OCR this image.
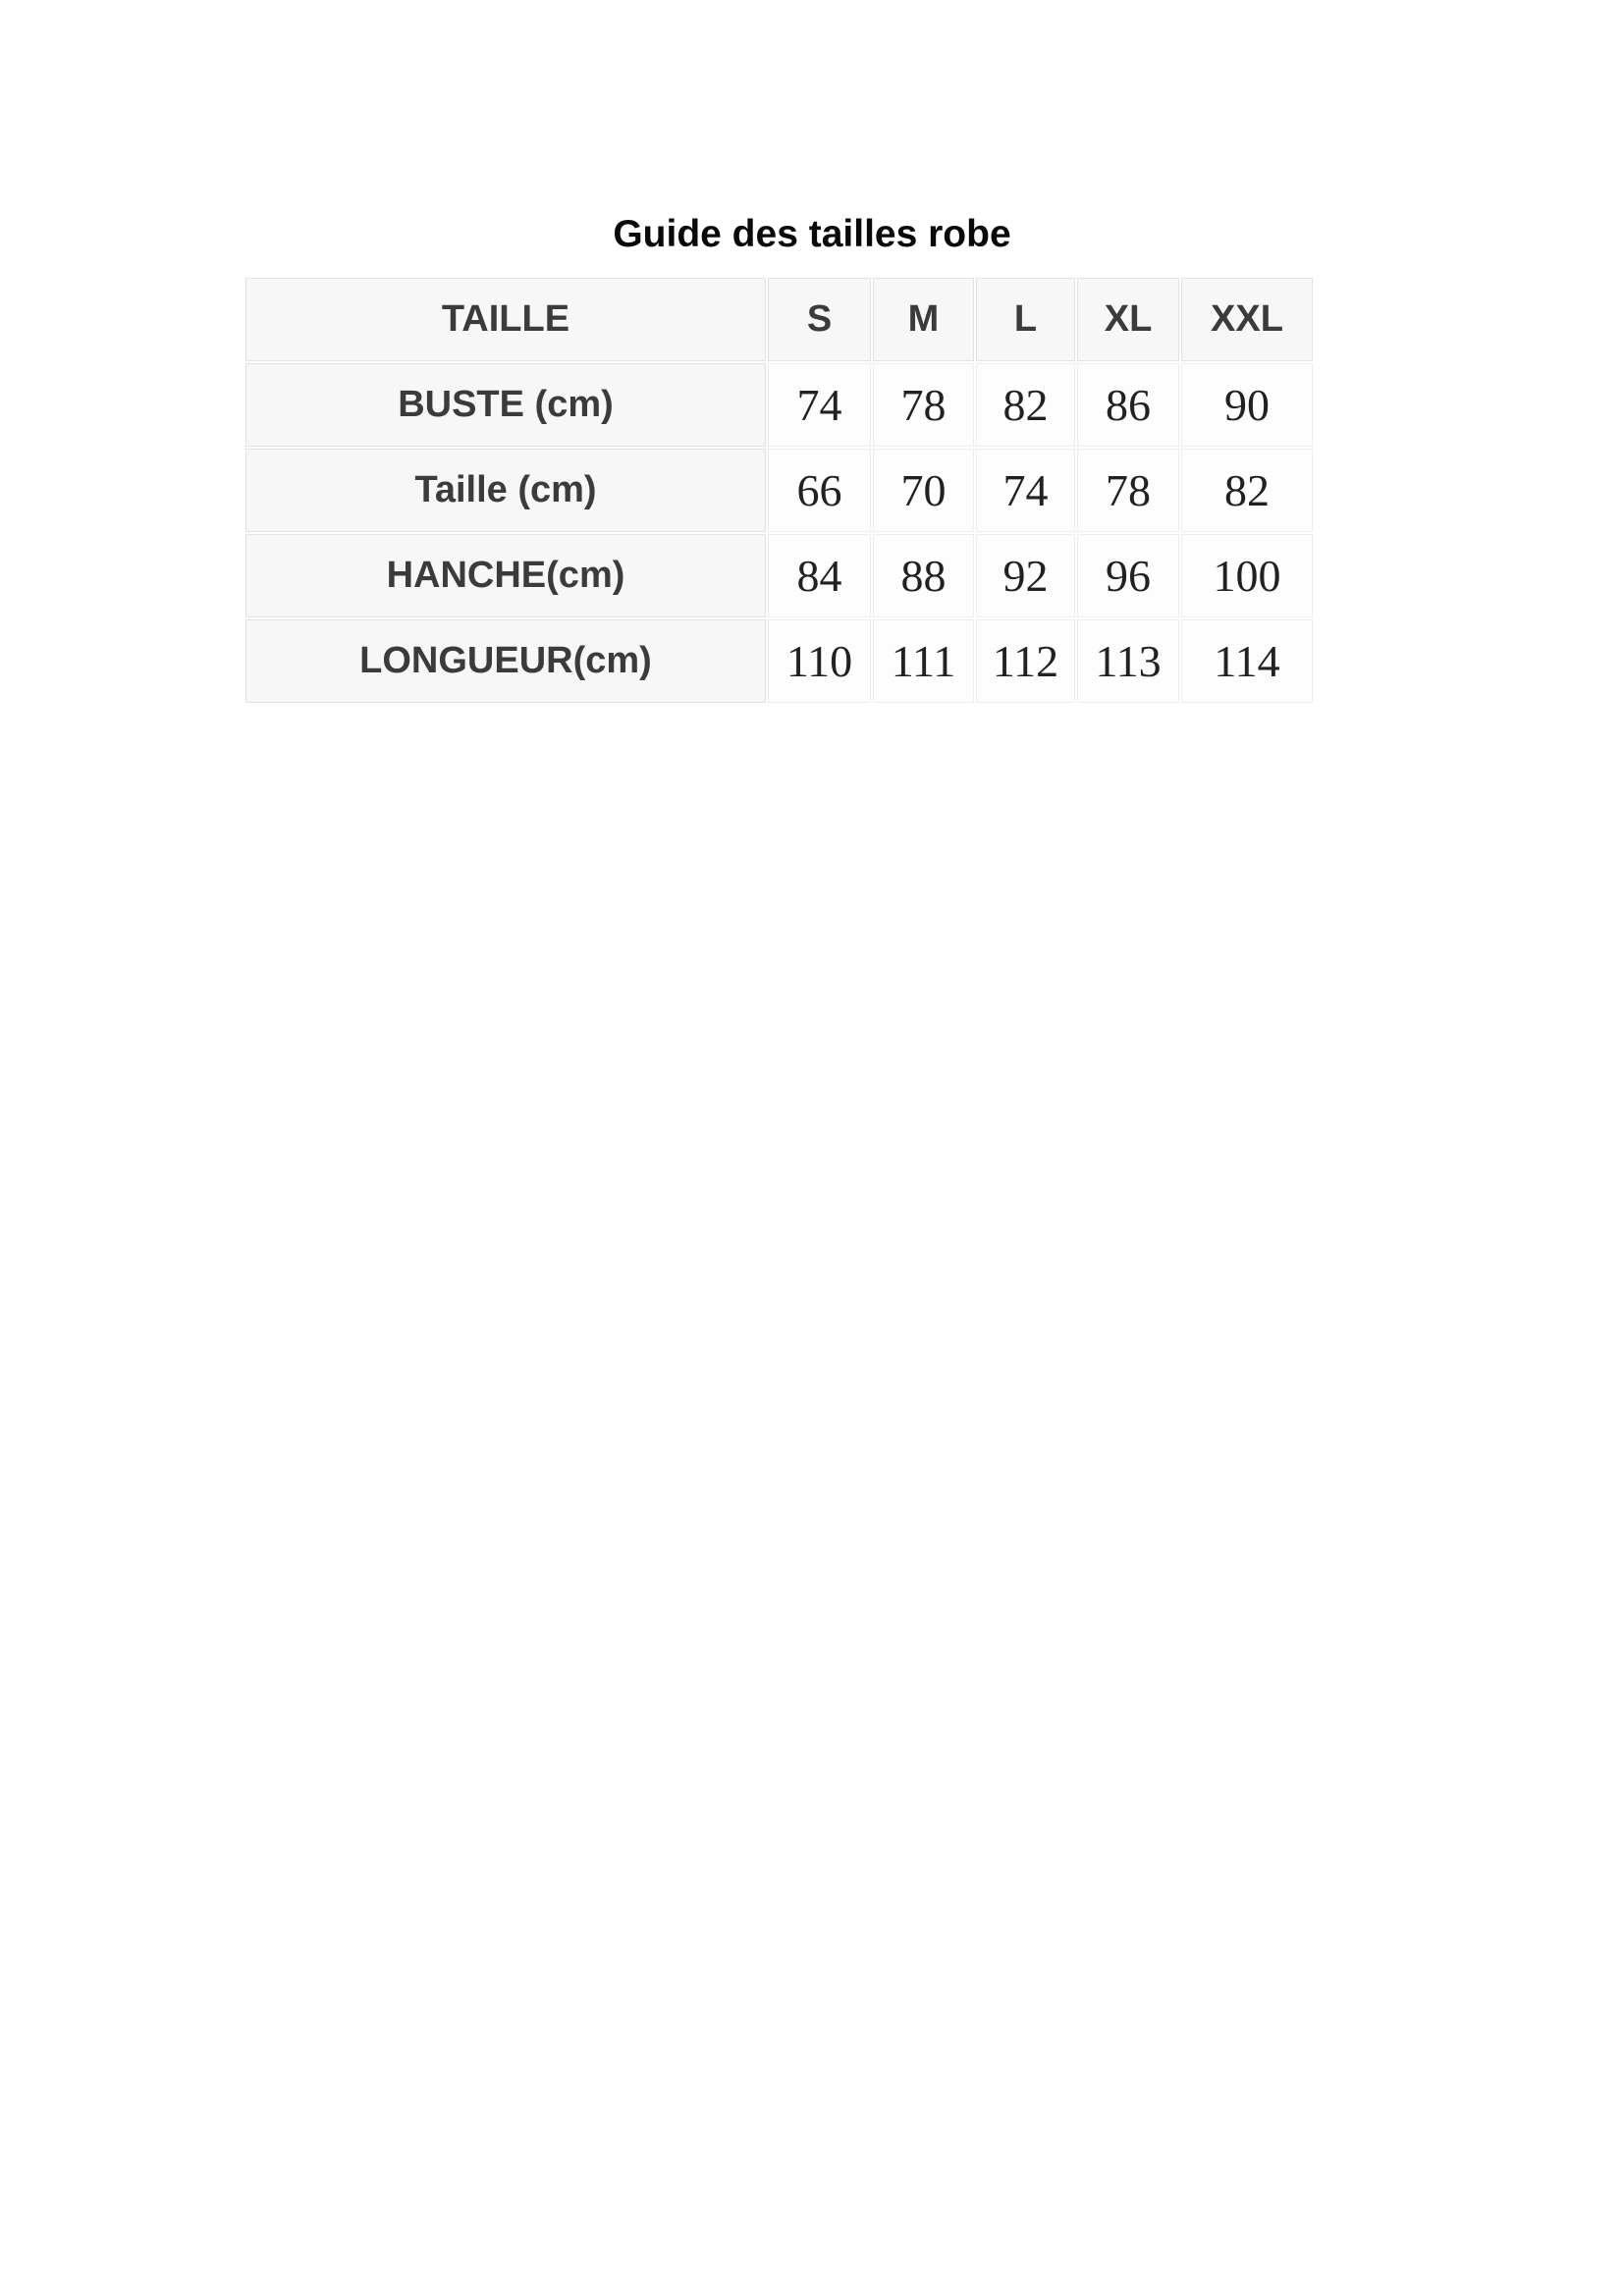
Guide des tailles robe
TAILLE	S	M	L	XL	XXL
BUSTE (cm)	74	78	82	86	90
Taille (cm)	66	70	74	78	82
HANCHE(cm)	84	88	92	96	100
LONGUEUR(cm)	110	111	112	113	114
